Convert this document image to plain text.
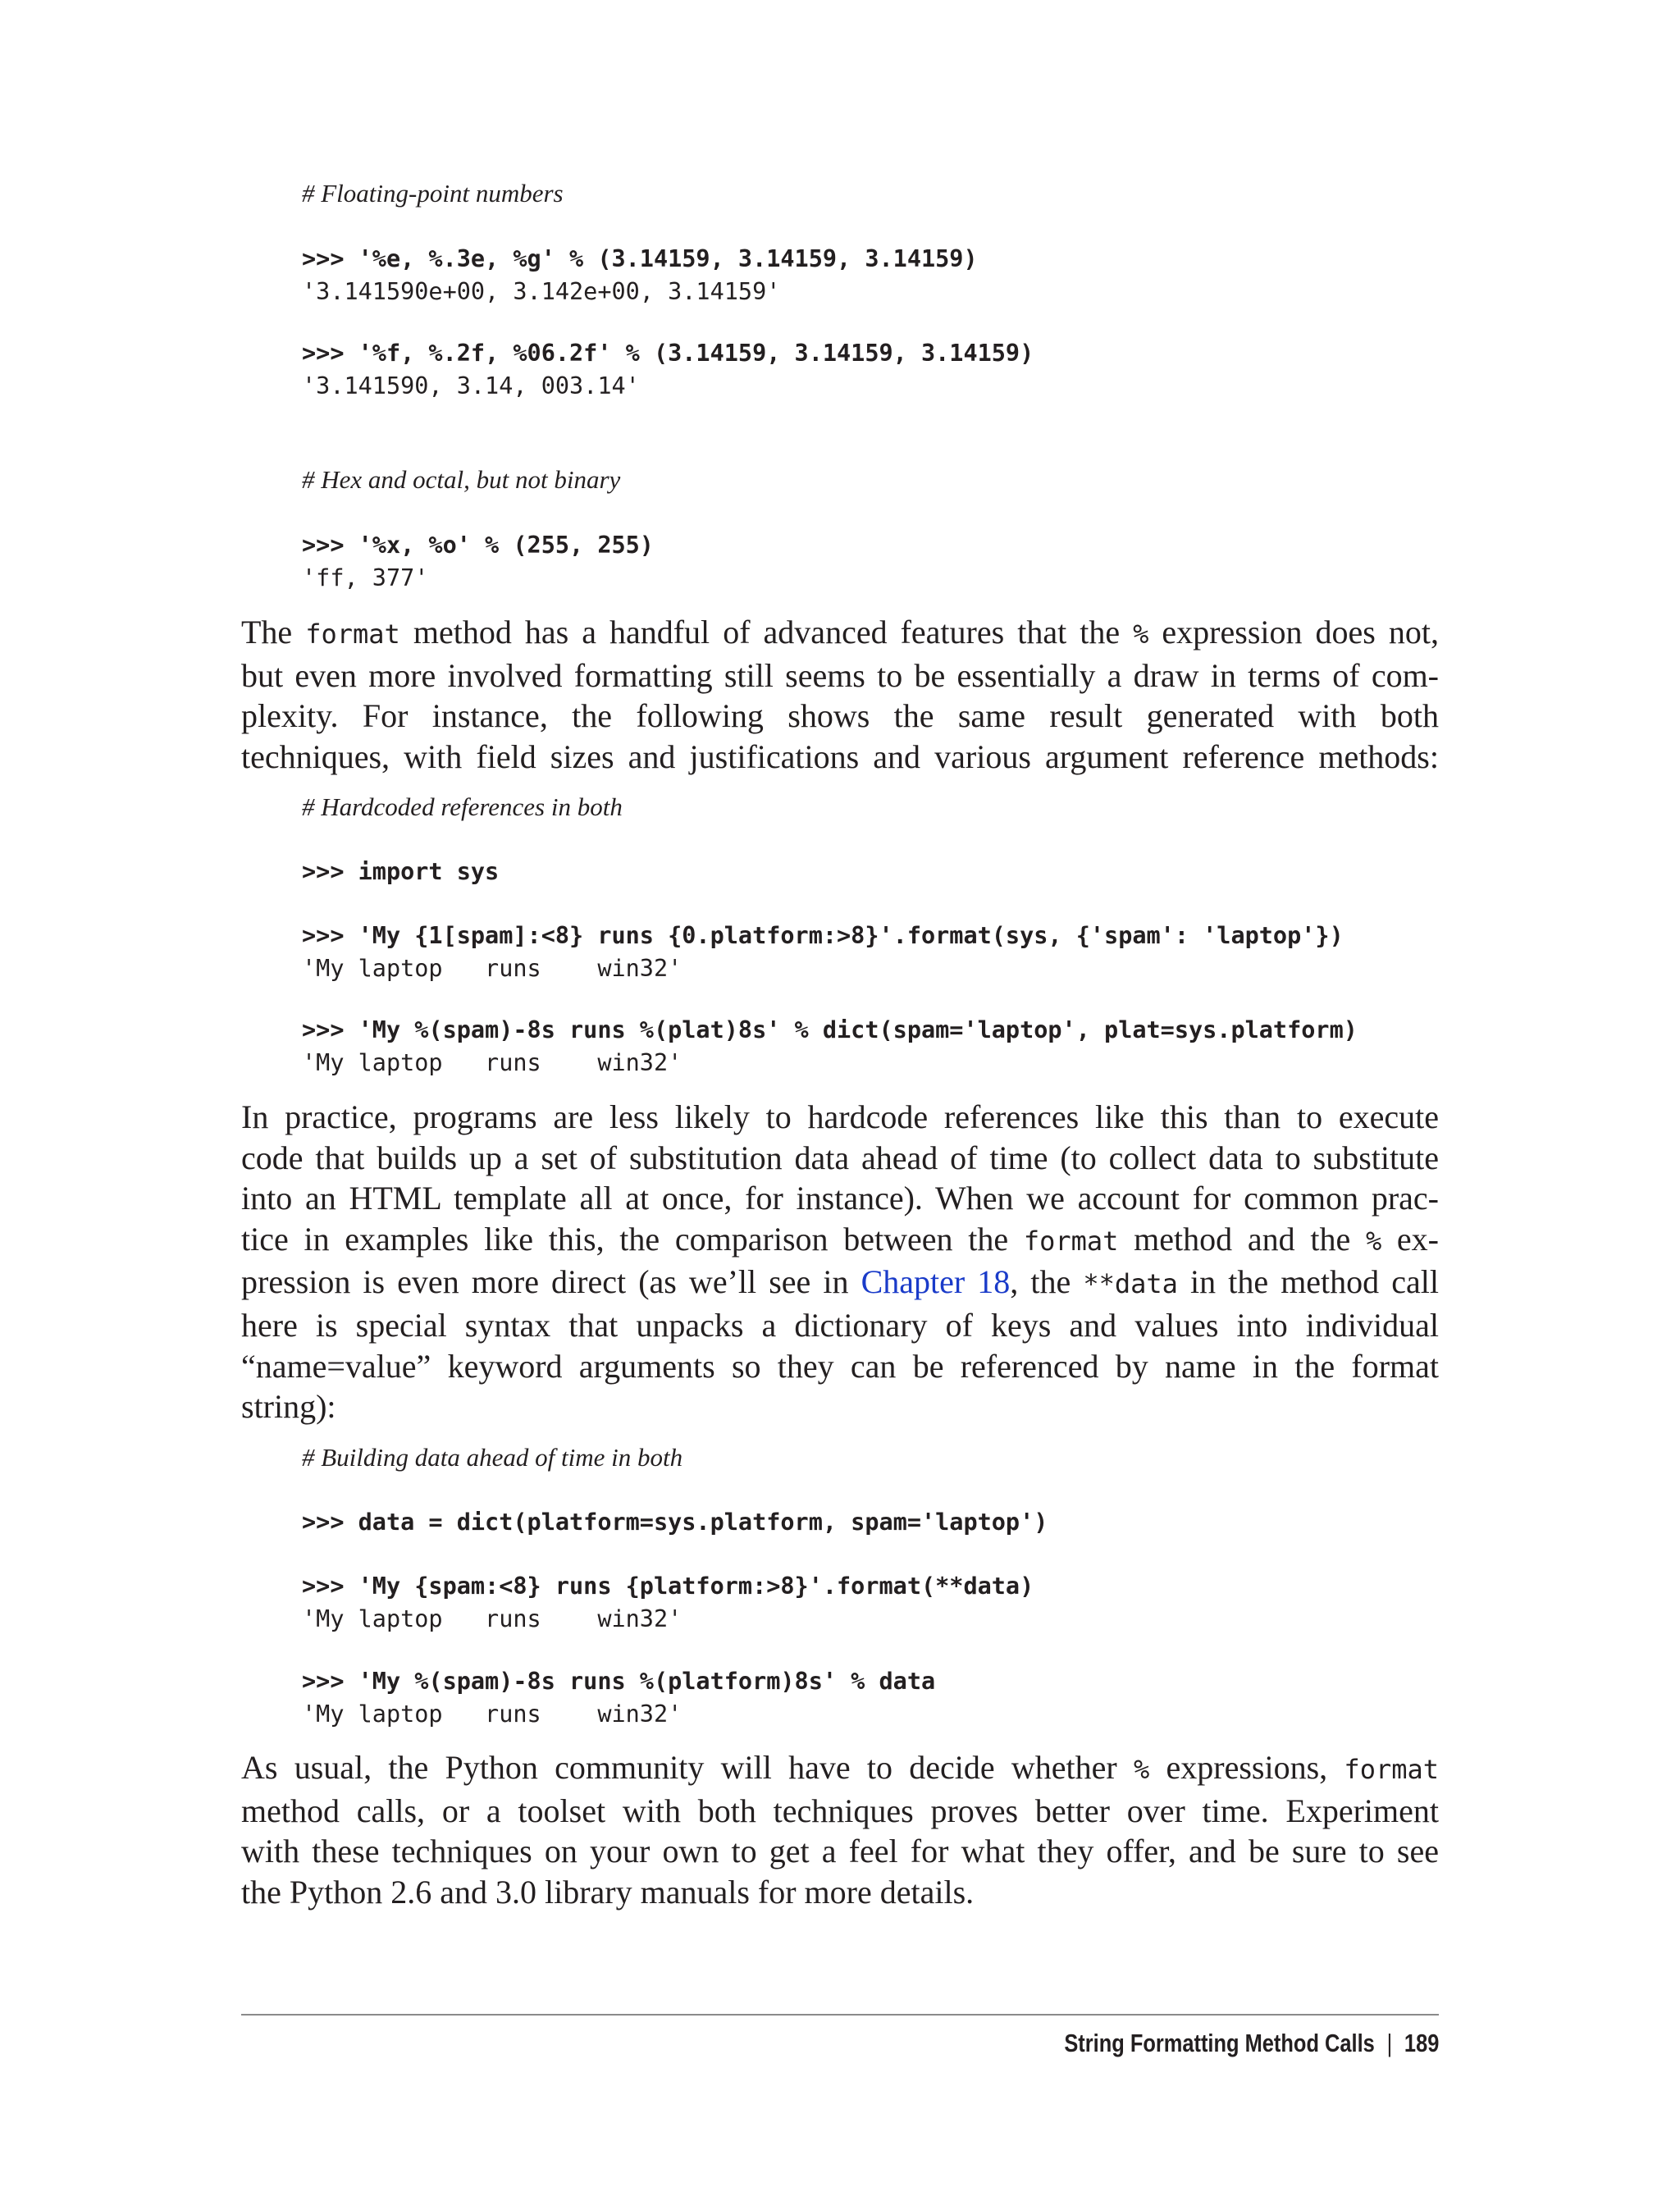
# Floating-point numbers
>>> '%e, %.3e, %g' % (3.14159, 3.14159, 3.14159)
'3.141590e+00, 3.142e+00, 3.14159'
>>> '%f, %.2f, %06.2f' % (3.14159, 3.14159, 3.14159)
'3.141590, 3.14, 003.14'
# Hex and octal, but not binary
>>> '%x, %o' % (255, 255)
'ff, 377'
The format method has a handful of advanced features that the % expression does not,
but even more involved formatting still seems to be essentially a draw in terms of com-
plexity. For instance, the following shows the same result generated with both
techniques, with field sizes and justifications and various argument reference methods:
# Hardcoded references in both
>>> import sys
>>> 'My {1[spam]:<8} runs {0.platform:>8}'.format(sys, {'spam': 'laptop'})
'My laptop   runs    win32'
>>> 'My %(spam)-8s runs %(plat)8s' % dict(spam='laptop', plat=sys.platform)
'My laptop   runs    win32'
In practice, programs are less likely to hardcode references like this than to execute
code that builds up a set of substitution data ahead of time (to collect data to substitute
into an HTML template all at once, for instance). When we account for common prac-
tice in examples like this, the comparison between the format method and the % ex-
pression is even more direct (as we’ll see in Chapter 18, the **data in the method call
here is special syntax that unpacks a dictionary of keys and values into individual
“name=value” keyword arguments so they can be referenced by name in the format
string):
# Building data ahead of time in both
>>> data = dict(platform=sys.platform, spam='laptop')
>>> 'My {spam:<8} runs {platform:>8}'.format(**data)
'My laptop   runs    win32'
>>> 'My %(spam)-8s runs %(platform)8s' % data
'My laptop   runs    win32'
As usual, the Python community will have to decide whether % expressions, format
method calls, or a toolset with both techniques proves better over time. Experiment
with these techniques on your own to get a feel for what they offer, and be sure to see
the Python 2.6 and 3.0 library manuals for more details.
String Formatting Method Calls | 189
